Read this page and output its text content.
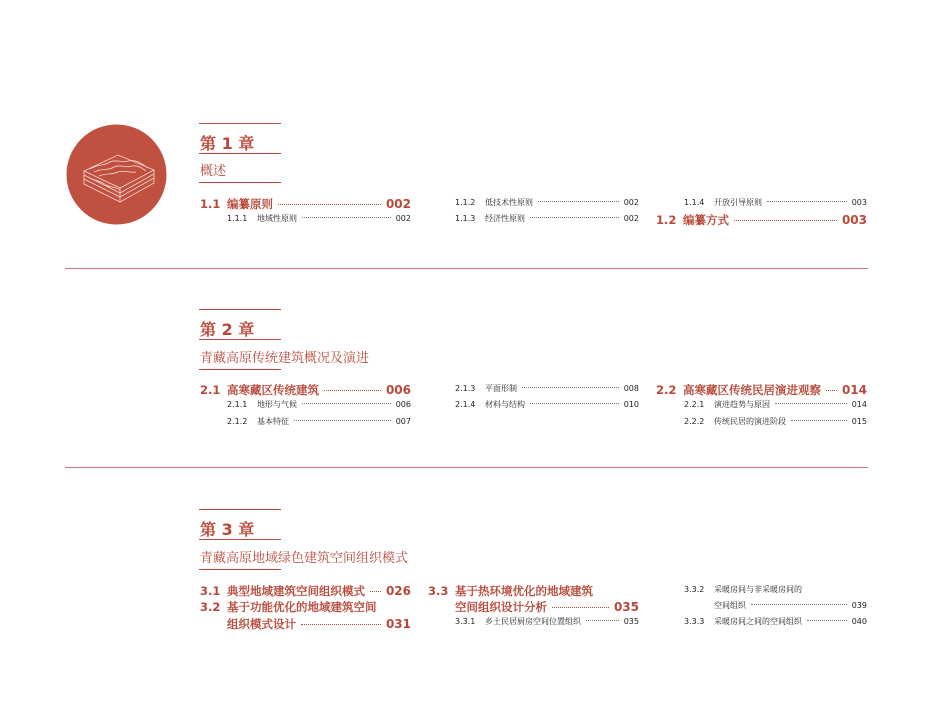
第 1 章
概述
1.1 编纂原则	002
1.1.1	地域性原则	002
1.1.2	低技术性原则	002
1.1.3	经济性原则	002
1.1.4	开放引导原则	003
1.2 编纂方式	003
第 2 章
青藏高原传统建筑概况及演进
2.1 高寒藏区传统建筑	006
2.1.1	地形与气候	006
2.1.2	基本特征	007
2.1.3	平面形制	008
2.1.4	材料与结构	010
2.2 高寒藏区传统民居演进观察 014
2.2.1	演进趋势与原因	014
2.2.2	传统民居的演进阶段	015
第 3 章
青藏高原地域绿色建筑空间组织模式
3.1 典型地域建筑空间组织模式 026
3.2 基于功能优化的地域建筑空间
组织模式设计	031
3.3 基于热环境优化的地域建筑
空间组织设计分析	035
3.3.1	乡土民居厨房空间位置组织	035
3.3.2	采暖房间与非采暖房间的
空间组织	039
3.3.3	采暖房间之间的空间组织	040
